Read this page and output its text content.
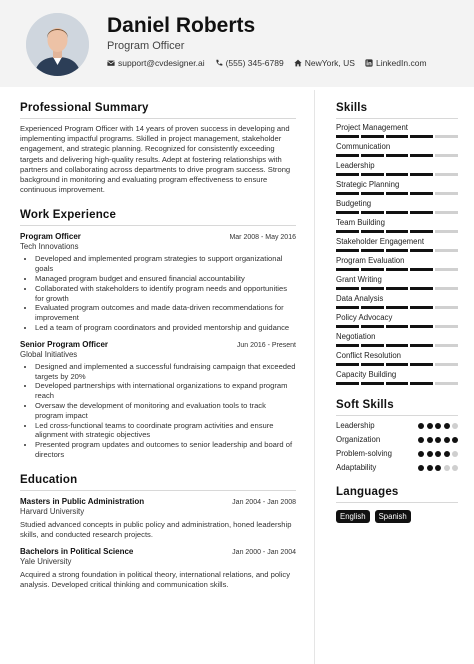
Daniel Roberts
Program Officer
support@cvdesigner.ai (555) 345-6789 NewYork, US LinkedIn.com
Professional Summary

Experienced Program Officer with 14 years of proven success in developing and implementing impactful programs. Skilled in project management, stakeholder engagement, and strategic planning. Recognized for consistently exceeding targets and delivering high-quality results. Adept at fostering relationships with partners and collaborating across departments to drive program success. Strong background in monitoring and evaluating program effectiveness to ensure continuous improvement.

Work Experience
Program Officer	Mar 2008 - May 2016
Tech Innovations
• Developed and implemented program strategies to support organizational goals
• Managed program budget and ensured financial accountability
• Collaborated with stakeholders to identify program needs and opportunities for growth
• Evaluated program outcomes and made data-driven recommendations for improvement
• Led a team of program coordinators and provided mentorship and guidance
Senior Program Officer	Jun 2016 - Present
Global Initiatives
• Designed and implemented a successful fundraising campaign that exceeded targets by 20%
• Developed partnerships with international organizations to expand program reach
• Oversaw the development of monitoring and evaluation tools to track program impact
• Led cross-functional teams to coordinate program activities and ensure alignment with strategic objectives
• Presented program updates and outcomes to senior leadership and board of directors
Education
Masters in Public Administration	Jan 2004 - Jan 2008
Harvard University

Studied advanced concepts in public policy and administration, honed leadership skills, and conducted research projects.

Bachelors in Political Science	Jan 2000 - Jan 2004
Yale University

Acquired a strong foundation in political theory, international relations, and policy analysis. Developed critical thinking and communication skills.

Skills
Project Management
Communication
Leadership
Strategic Planning
Budgeting
Team Building
Stakeholder Engagement
Program Evaluation
Grant Writing
Data Analysis
Policy Advocacy
Negotiation
Conflict Resolution
Capacity Building
Soft Skills
Leadership
Organization
Problem-solving
Adaptability
Languages
English	Spanish
